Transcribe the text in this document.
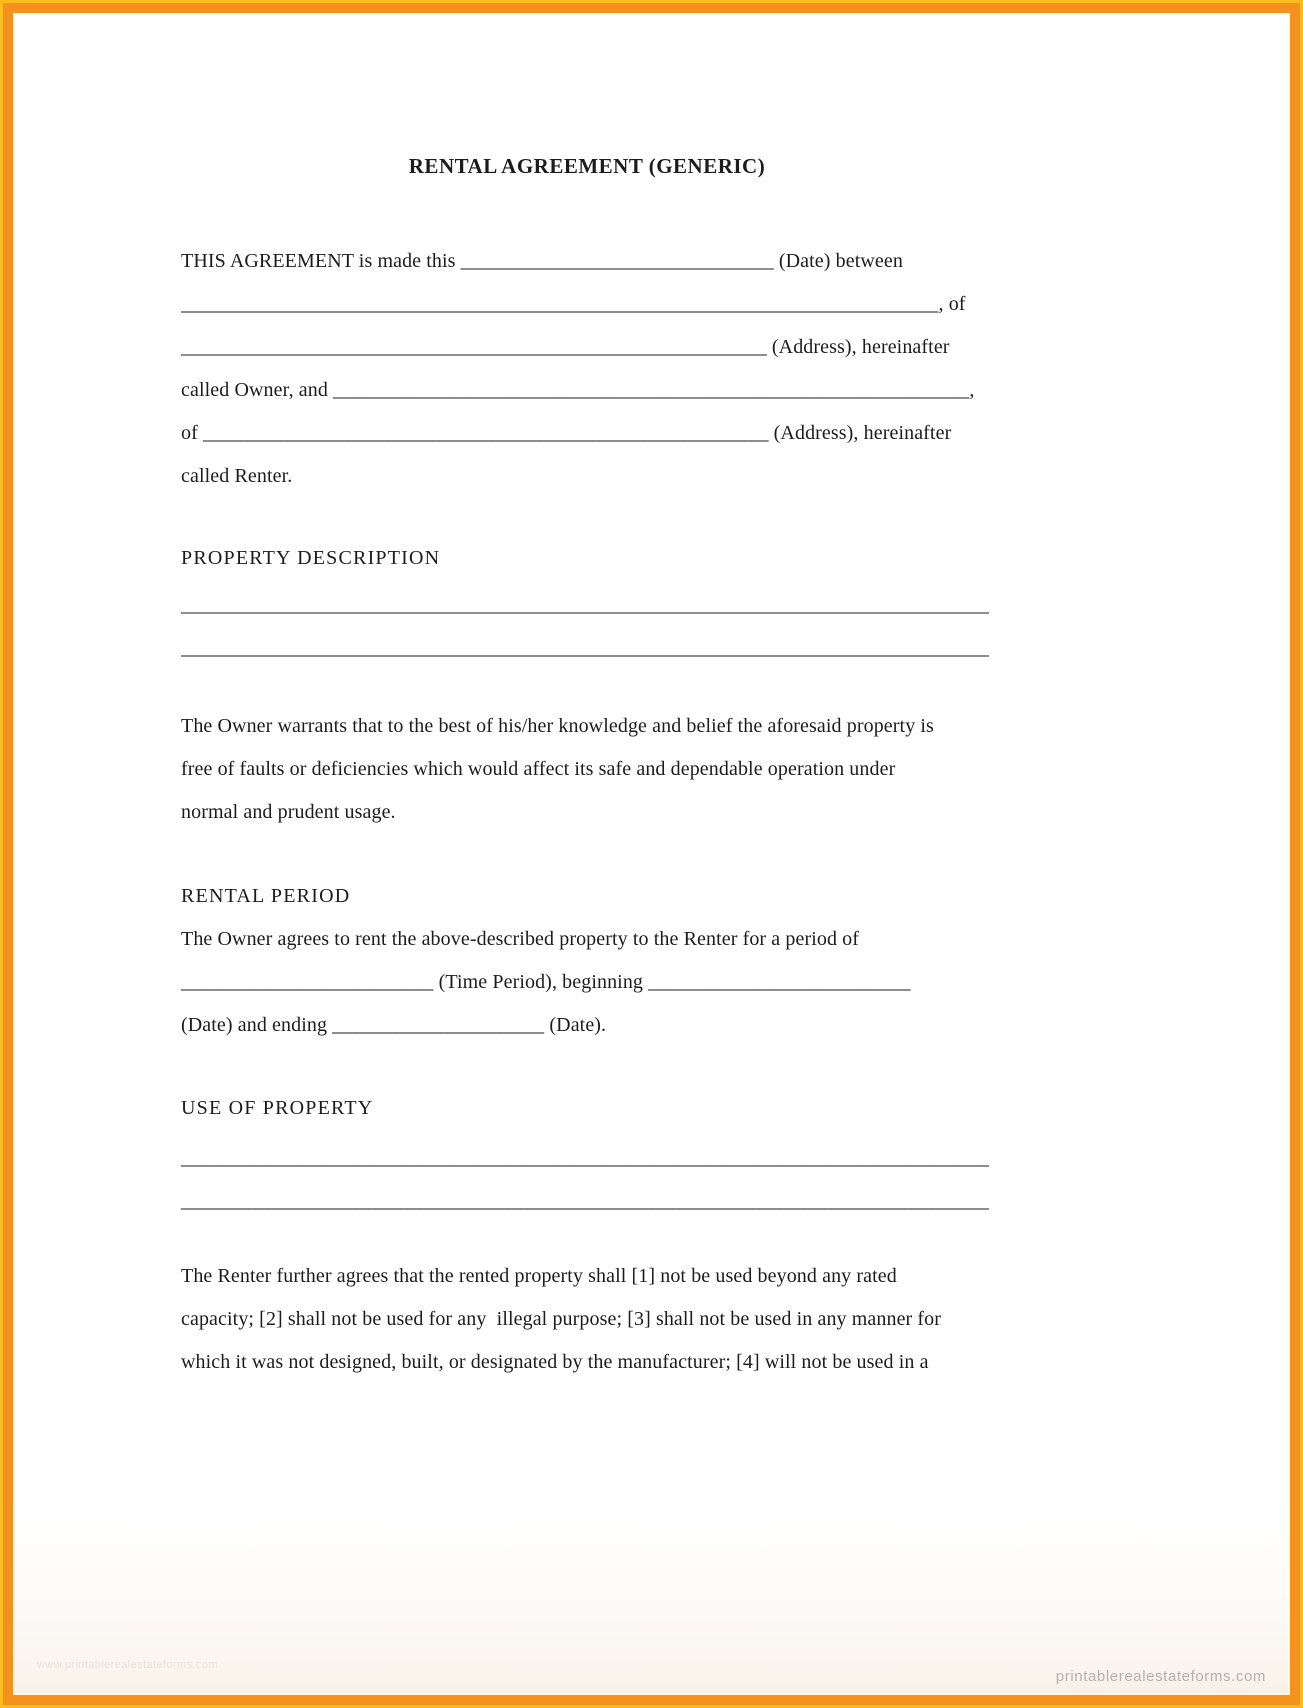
RENTAL AGREEMENT (GENERIC)
THIS AGREEMENT is made this _______________________________ (Date) between
___________________________________________________________________________, of
__________________________________________________________ (Address), hereinafter
called Owner, and _______________________________________________________________,
of ________________________________________________________ (Address), hereinafter
called Renter.
PROPERTY DESCRIPTION
________________________________________________________________________________
________________________________________________________________________________
The Owner warrants that to the best of his/her knowledge and belief the aforesaid property is
free of faults or deficiencies which would affect its safe and dependable operation under
normal and prudent usage.
RENTAL PERIOD
The Owner agrees to rent the above-described property to the Renter for a period of
_________________________ (Time Period), beginning __________________________
(Date) and ending _____________________ (Date).
USE OF PROPERTY
________________________________________________________________________________
________________________________________________________________________________
The Renter further agrees that the rented property shall [1] not be used beyond any rated
capacity; [2] shall not be used for any  illegal purpose; [3] shall not be used in any manner for
which it was not designed, built, or designated by the manufacturer; [4] will not be used in a
www.printablerealestateforms.com
printablerealestateforms.com
